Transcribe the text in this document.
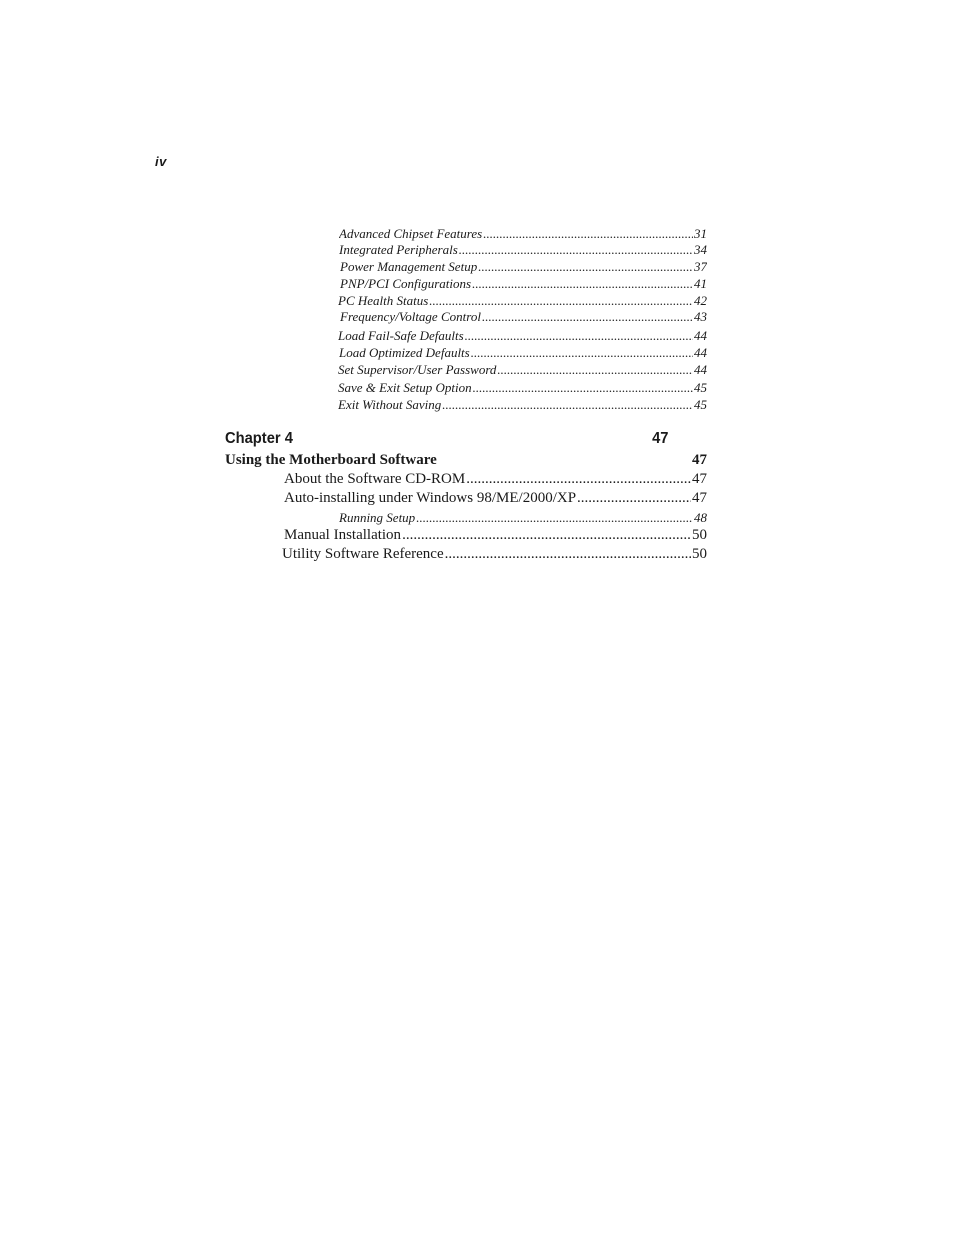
iv
Advanced Chipset Features .....	31
Integrated Peripherals .....	34
Power Management Setup .....	37
PNP/PCI Configurations .....	41
PC Health Status .....	42
Frequency/Voltage Control .....	43
Load Fail-Safe Defaults .....	44
Load Optimized Defaults .....	44
Set Supervisor/User Password .....	44
Save & Exit Setup Option .....	45
Exit Without Saving .....	45
Chapter 4	47
Using the Motherboard Software	47
About the Software CD-ROM .....	47
Auto-installing under Windows 98/ME/2000/XP .....	47
Running Setup .....	48
Manual Installation .....	50
Utility Software Reference .....	50
